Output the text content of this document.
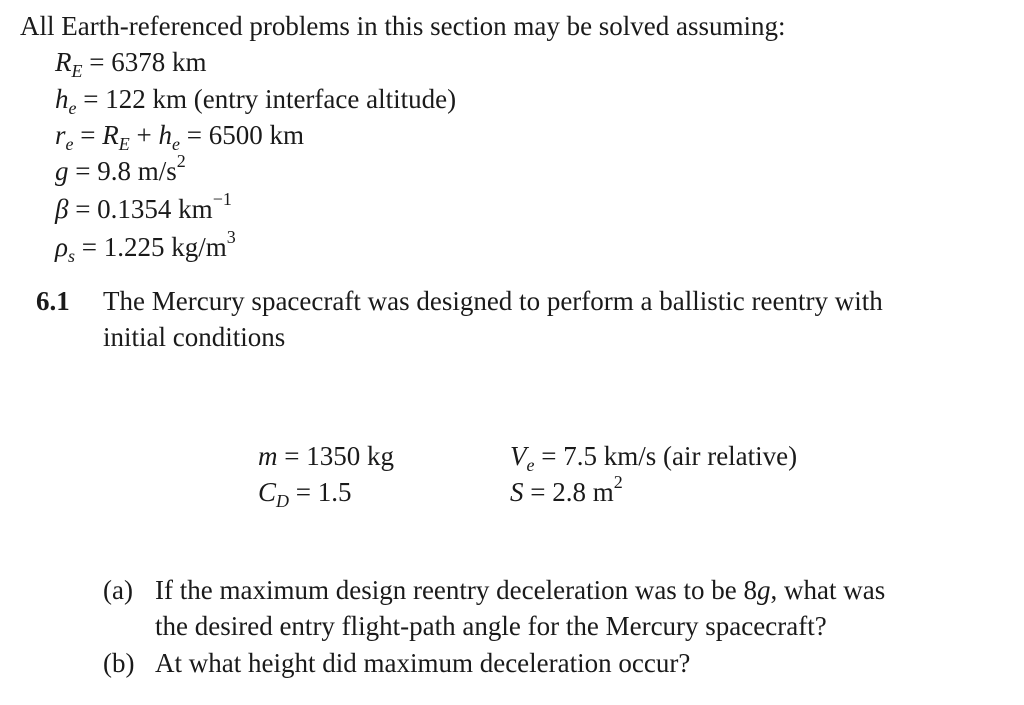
All Earth-referenced problems in this section may be solved assuming:
$R_E = 6378$ km
$h_e = 122$ km (entry interface altitude)
$r_e = R_E + h_e = 6500$ km
g = 9.8 $m/s^2$
β = 0.1354 $km^{-1}$
$\rho_s = 1.225$ $kg/m^3$
6.1 The Mercury spacecraft was designed to perform a ballistic reentry with
initial conditions
m = 1350 kg
$C_D = 1.5$
$V_e = 7.5$ km/s (air relative)
S = 2.8 $m^2$
(a) If the maximum design reentry deceleration was to be 8g, what was
the desired entry flight-path angle for the Mercury spacecraft?
(b) At what height did maximum deceleration occur?
